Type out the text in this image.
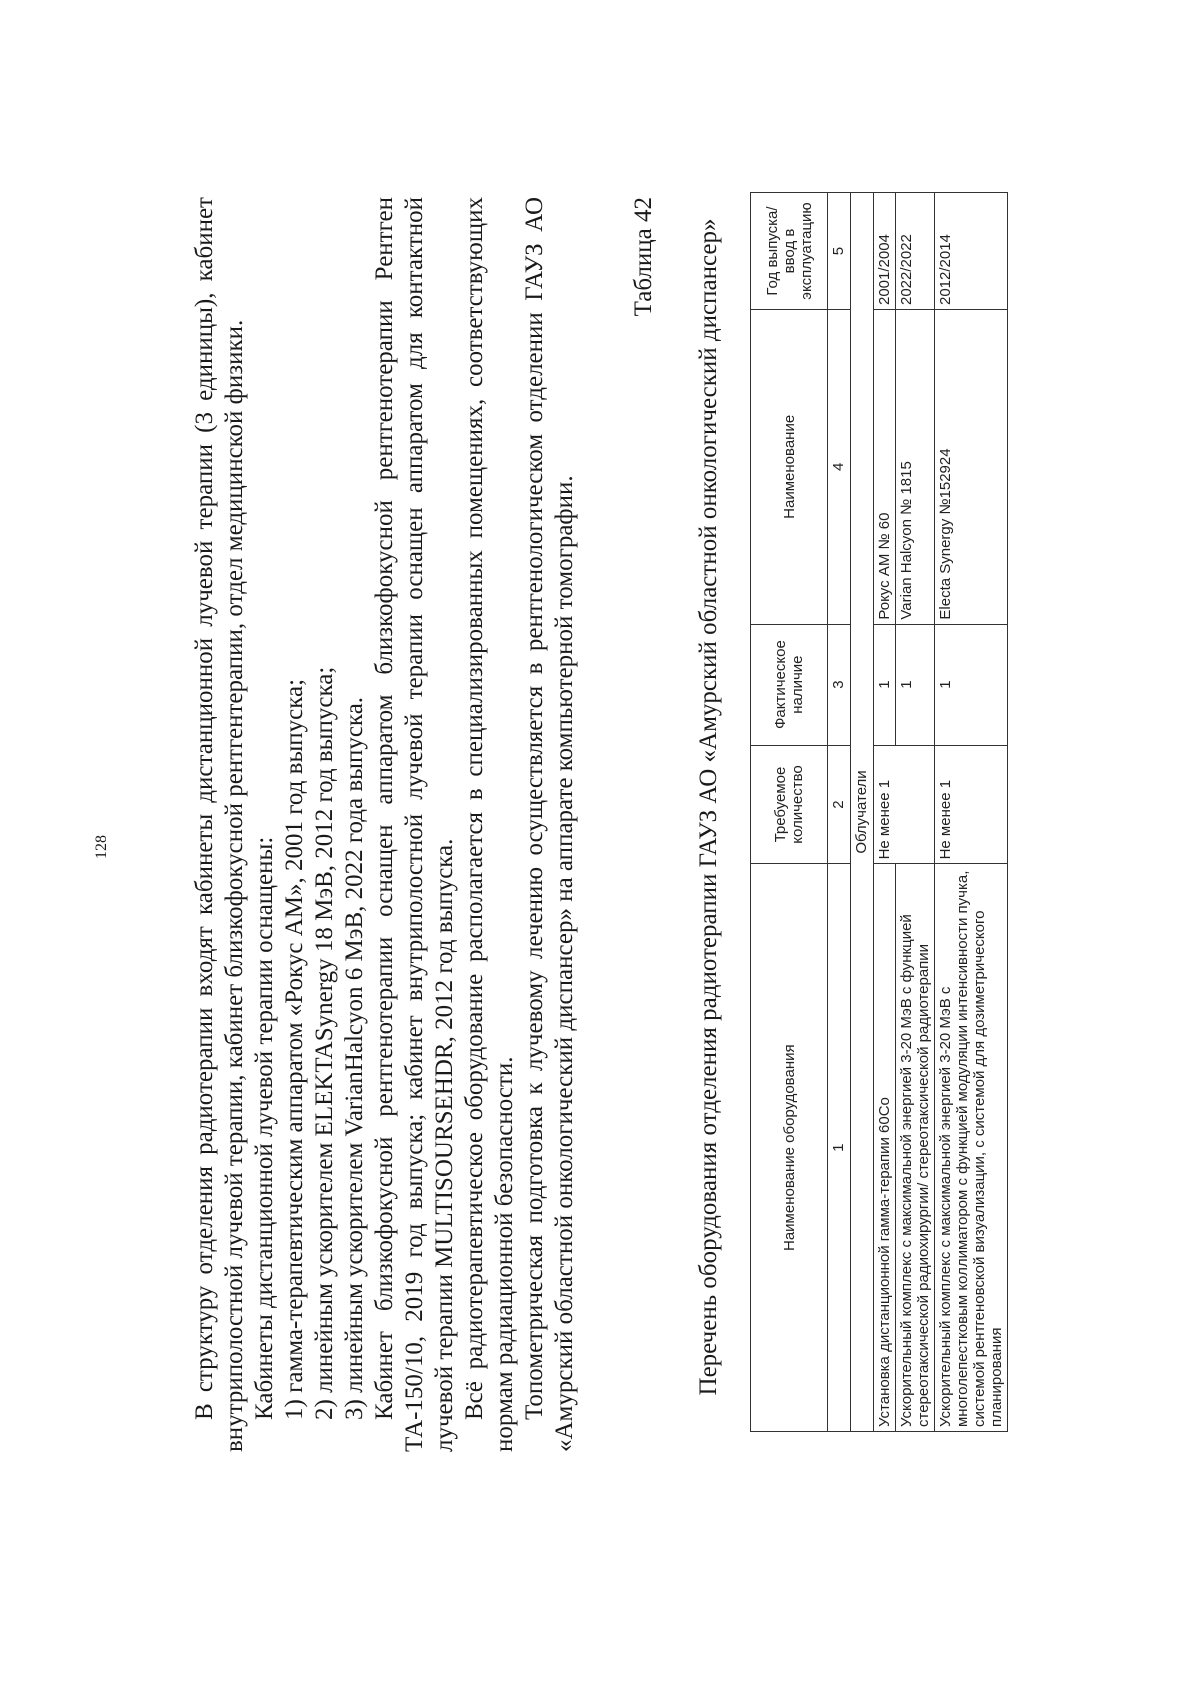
128	В структуру отделения радиотерапии входят кабинеты дистанционной лучевой терапии (3 единицы), кабинет внутриполостной лучевой терапии, кабинет близкофокусной рентгентерапии, отдел медицинской физики. Кабинеты дистанционной лучевой терапии оснащены: 1) гамма-терапевтическим аппаратом «Рокус АМ», 2001 год выпуска; 2) линейным ускорителем ELEKTASynergy 18 МэВ, 2012 год выпуска; 3) линейным ускорителем VarianHalcyon 6 МэВ, 2022 года выпуска. Кабинет близкофокусной рентгенотерапии оснащен аппаратом близкофокусной рентгенотерапии Рентген ТА-150/10, 2019 год выпуска; кабинет внутриполостной лучевой терапии оснащен аппаратом для контактной лучевой терапии MULTISOURSEHDR, 2012 год выпуска. Всё радиотерапевтическое оборудование располагается в специализированных помещениях, соответствующих нормам радиационной безопасности. Топометрическая подготовка к лучевому лечению осуществляется в рентгенологическом отделении ГАУЗ АО «Амурский областной онкологический диспансер» на аппарате компьютерной томографии.

Таблица 42 Перечень оборудования отделения радиотерапии ГАУЗ АО «Амурский областной онкологический диспансер»	Наименование оборудования	Требуемое количество	Фактическое наличие	Наименование	Год выпуска/ ввод в эксплуатацию
1	2	3	4	5
Облучатели				
Установка дистанционной гамма-терапии 60Со	Не менее 1	1	Рокус АМ № 60	2001/2004
Ускорительный комплекс с максимальной энергией 3-20 МэВ с функцией стереотаксической радиохирургии/ стереотаксической радиотерапии		1	Varian Halcyon № 1815	2022/2022
Ускорительный комплекс с максимальной энергией 3-20 МэВ с многолепестковым коллиматором с функцией модуляции интенсивности пучка, системой рентгеновской визуализации, с системой для дозиметрического планирования	Не менее 1	1	Electa Synergy №152924	2012/2014
